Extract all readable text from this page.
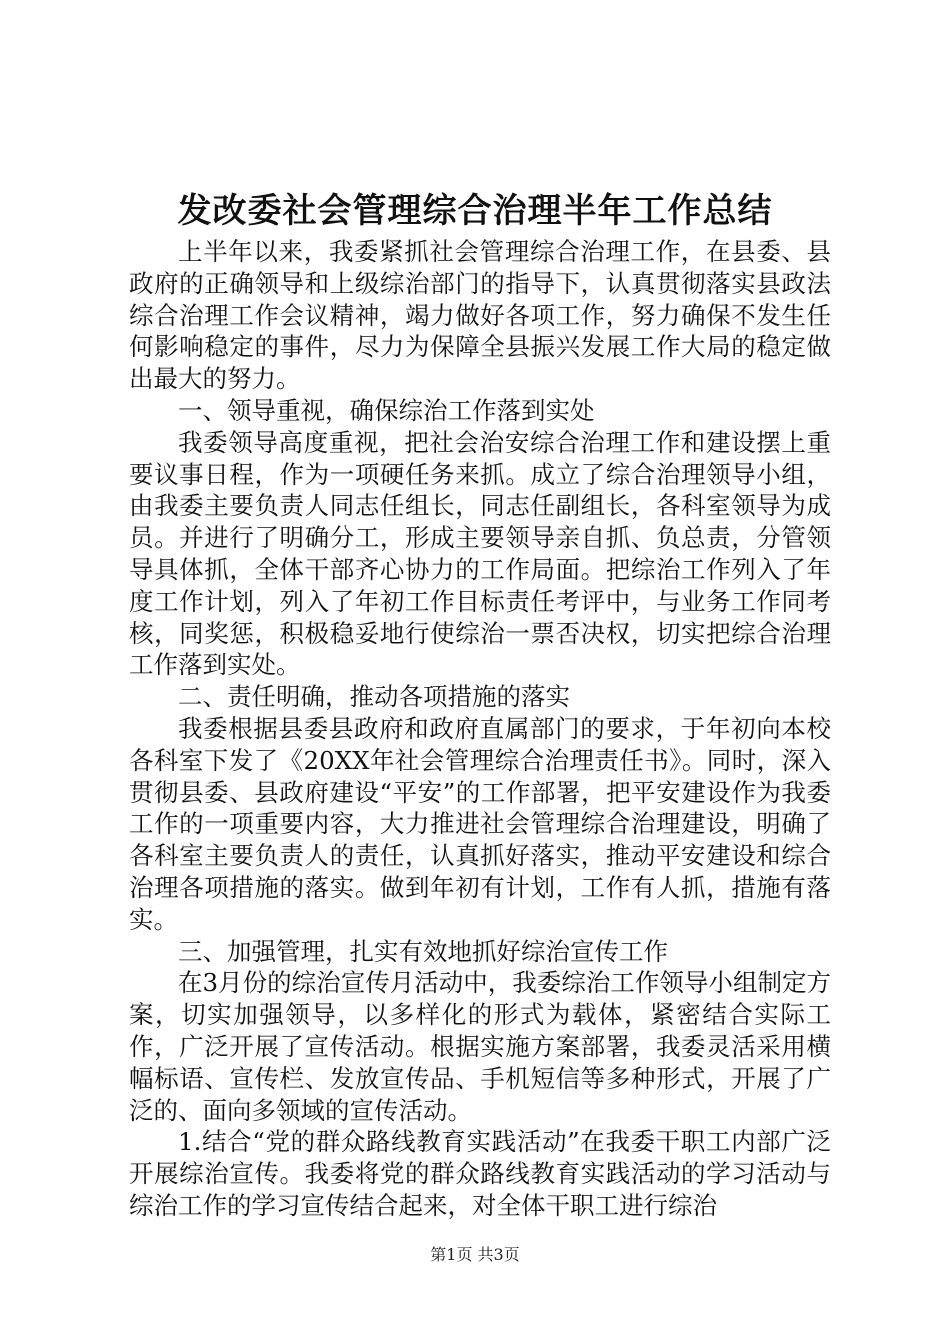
发改委社会管理综合治理半年工作总结

上半年以来，我委紧抓社会管理综合治理工作，在县委、县政府的正确领导和上级综治部门的指导下，认真贯彻落实县政法综合治理工作会议精神，竭力做好各项工作，努力确保不发生任何影响稳定的事件，尽力为保障全县振兴发展工作大局的稳定做出最大的努力。

一、领导重视，确保综治工作落到实处

我委领导高度重视，把社会治安综合治理工作和建设摆上重要议事日程，作为一项硬任务来抓。成立了综合治理领导小组，由我委主要负责人同志任组长，同志任副组长，各科室领导为成员。并进行了明确分工，形成主要领导亲自抓、负总责，分管领导具体抓，全体干部齐心协力的工作局面。把综治工作列入了年度工作计划，列入了年初工作目标责任考评中，与业务工作同考核，同奖惩，积极稳妥地行使综治一票否决权，切实把综合治理工作落到实处。

二、责任明确，推动各项措施的落实

我委根据县委县政府和政府直属部门的要求，于年初向本校各科室下发了《20XX年社会管理综合治理责任书》。同时，深入贯彻县委、县政府建设“平安”的工作部署，把平安建设作为我委工作的一项重要内容，大力推进社会管理综合治理建设，明确了各科室主要负责人的责任，认真抓好落实，推动平安建设和综合治理各项措施的落实。做到年初有计划，工作有人抓，措施有落实。

三、加强管理，扎实有效地抓好综治宣传工作

在3月份的综治宣传月活动中，我委综治工作领导小组制定方案，切实加强领导，以多样化的形式为载体，紧密结合实际工作，广泛开展了宣传活动。根据实施方案部署，我委灵活采用横幅标语、宣传栏、发放宣传品、手机短信等多种形式，开展了广泛的、面向多领域的宣传活动。

1.结合“党的群众路线教育实践活动”在我委干职工内部广泛开展综治宣传。我委将党的群众路线教育实践活动的学习活动与综治工作的学习宣传结合起来，对全体干职工进行综治

第1页 共3页
